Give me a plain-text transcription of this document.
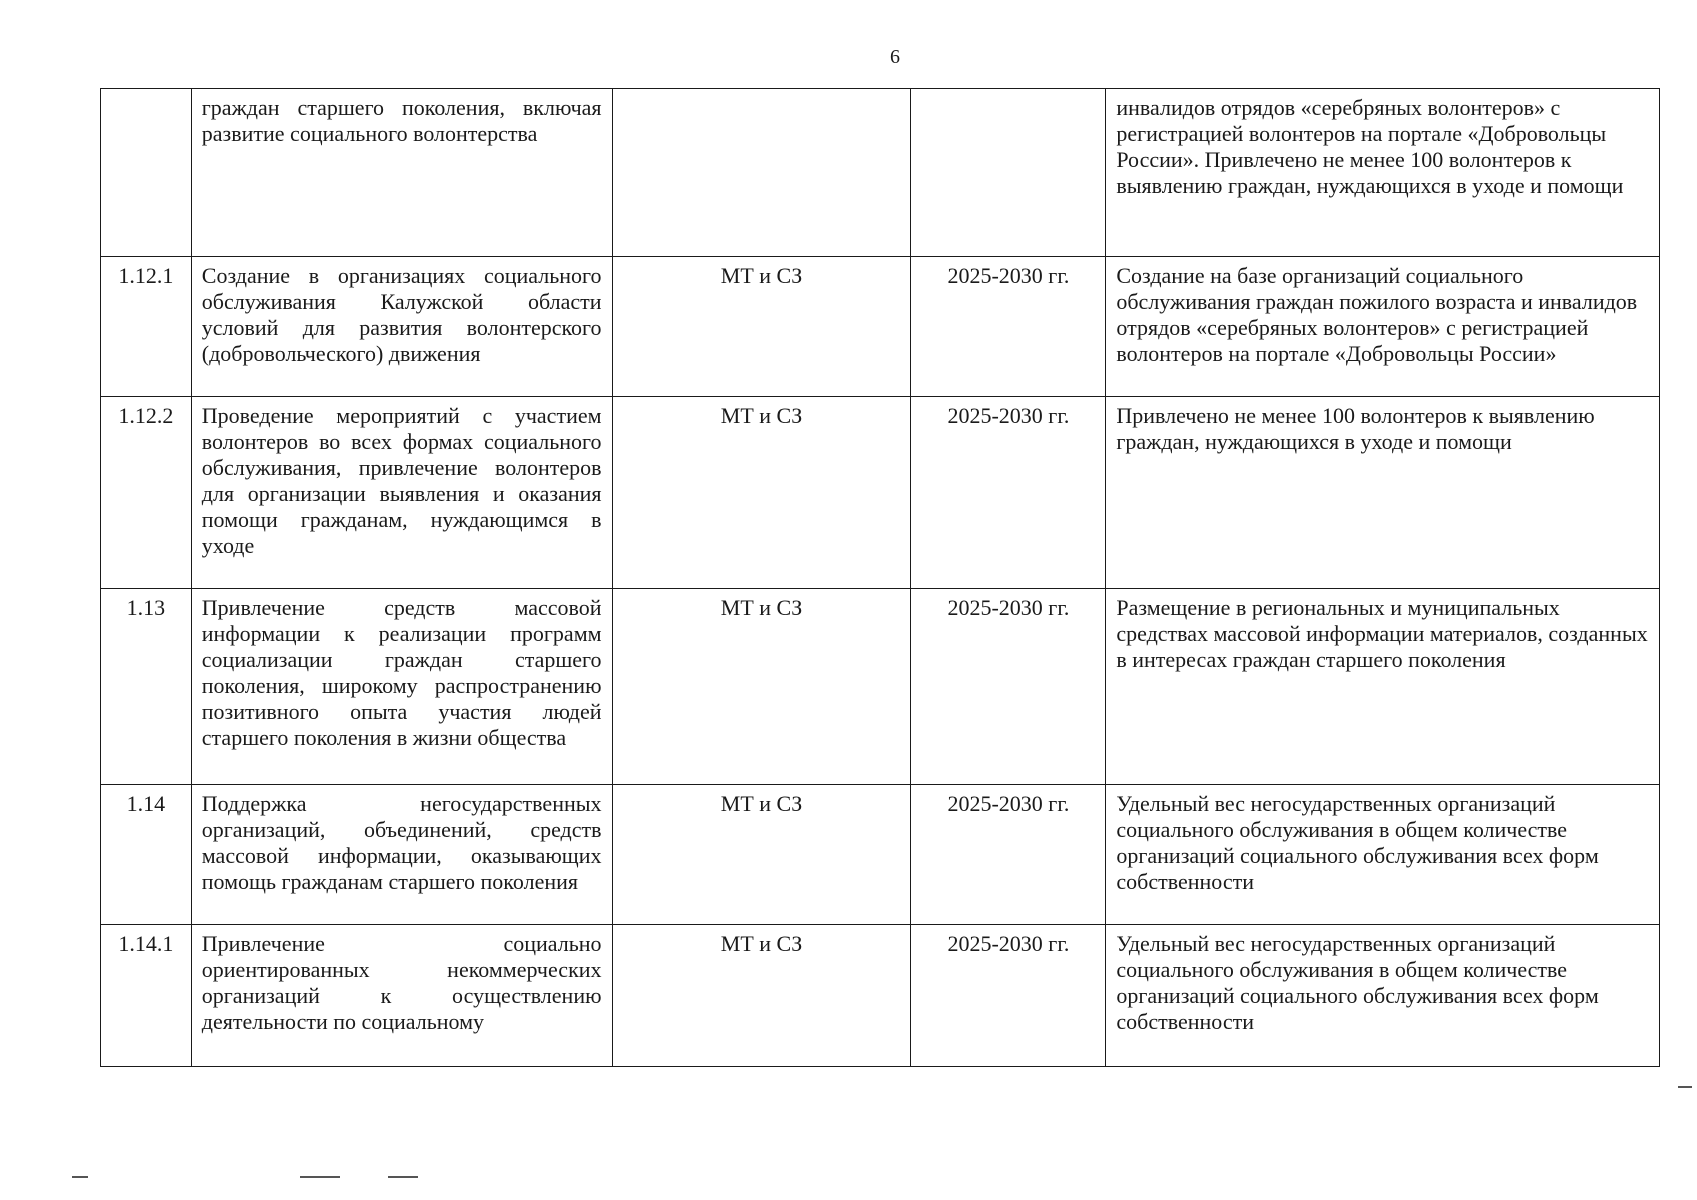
6
	граждан старшего поколения, включая развитие социального волонтерства			инвалидов отрядов «серебряных волонтеров» с регистрацией волонтеров на портале «Добровольцы России». Привлечено не менее 100 волонтеров к выявлению граждан, нуждающихся в уходе и помощи
1.12.1	Создание в организациях социального обслуживания Калужской области условий для развития волонтерского (добровольческого) движения	МТ и СЗ	2025-2030 гг.	Создание на базе организаций социального обслуживания граждан пожилого возраста и инвалидов отрядов «серебряных волонтеров» с регистрацией волонтеров на портале «Добровольцы России»
1.12.2	Проведение мероприятий с участием волонтеров во всех формах социального обслуживания, привлечение волонтеров для организации выявления и оказания помощи гражданам, нуждающимся в уходе	МТ и СЗ	2025-2030 гг.	Привлечено не менее 100 волонтеров к выявлению граждан, нуждающихся в уходе и помощи
1.13	Привлечение средств массовой информации к реализации программ социализации граждан старшего поколения, широкому распространению позитивного опыта участия людей старшего поколения в жизни общества	МТ и СЗ	2025-2030 гг.	Размещение в региональных и муниципальных средствах массовой информации материалов, созданных в интересах граждан старшего поколения
1.14	Поддержка негосударственных организаций, объединений, средств массовой информации, оказывающих помощь гражданам старшего поколения	МТ и СЗ	2025-2030 гг.	Удельный вес негосударственных организаций социального обслуживания в общем количестве организаций социального обслуживания всех форм собственности
1.14.1	Привлечение социально ориентированных некоммерческих организаций к осуществлению деятельности по социальному	МТ и СЗ	2025-2030 гг.	Удельный вес негосударственных организаций социального обслуживания в общем количестве организаций социального обслуживания всех форм собственности
